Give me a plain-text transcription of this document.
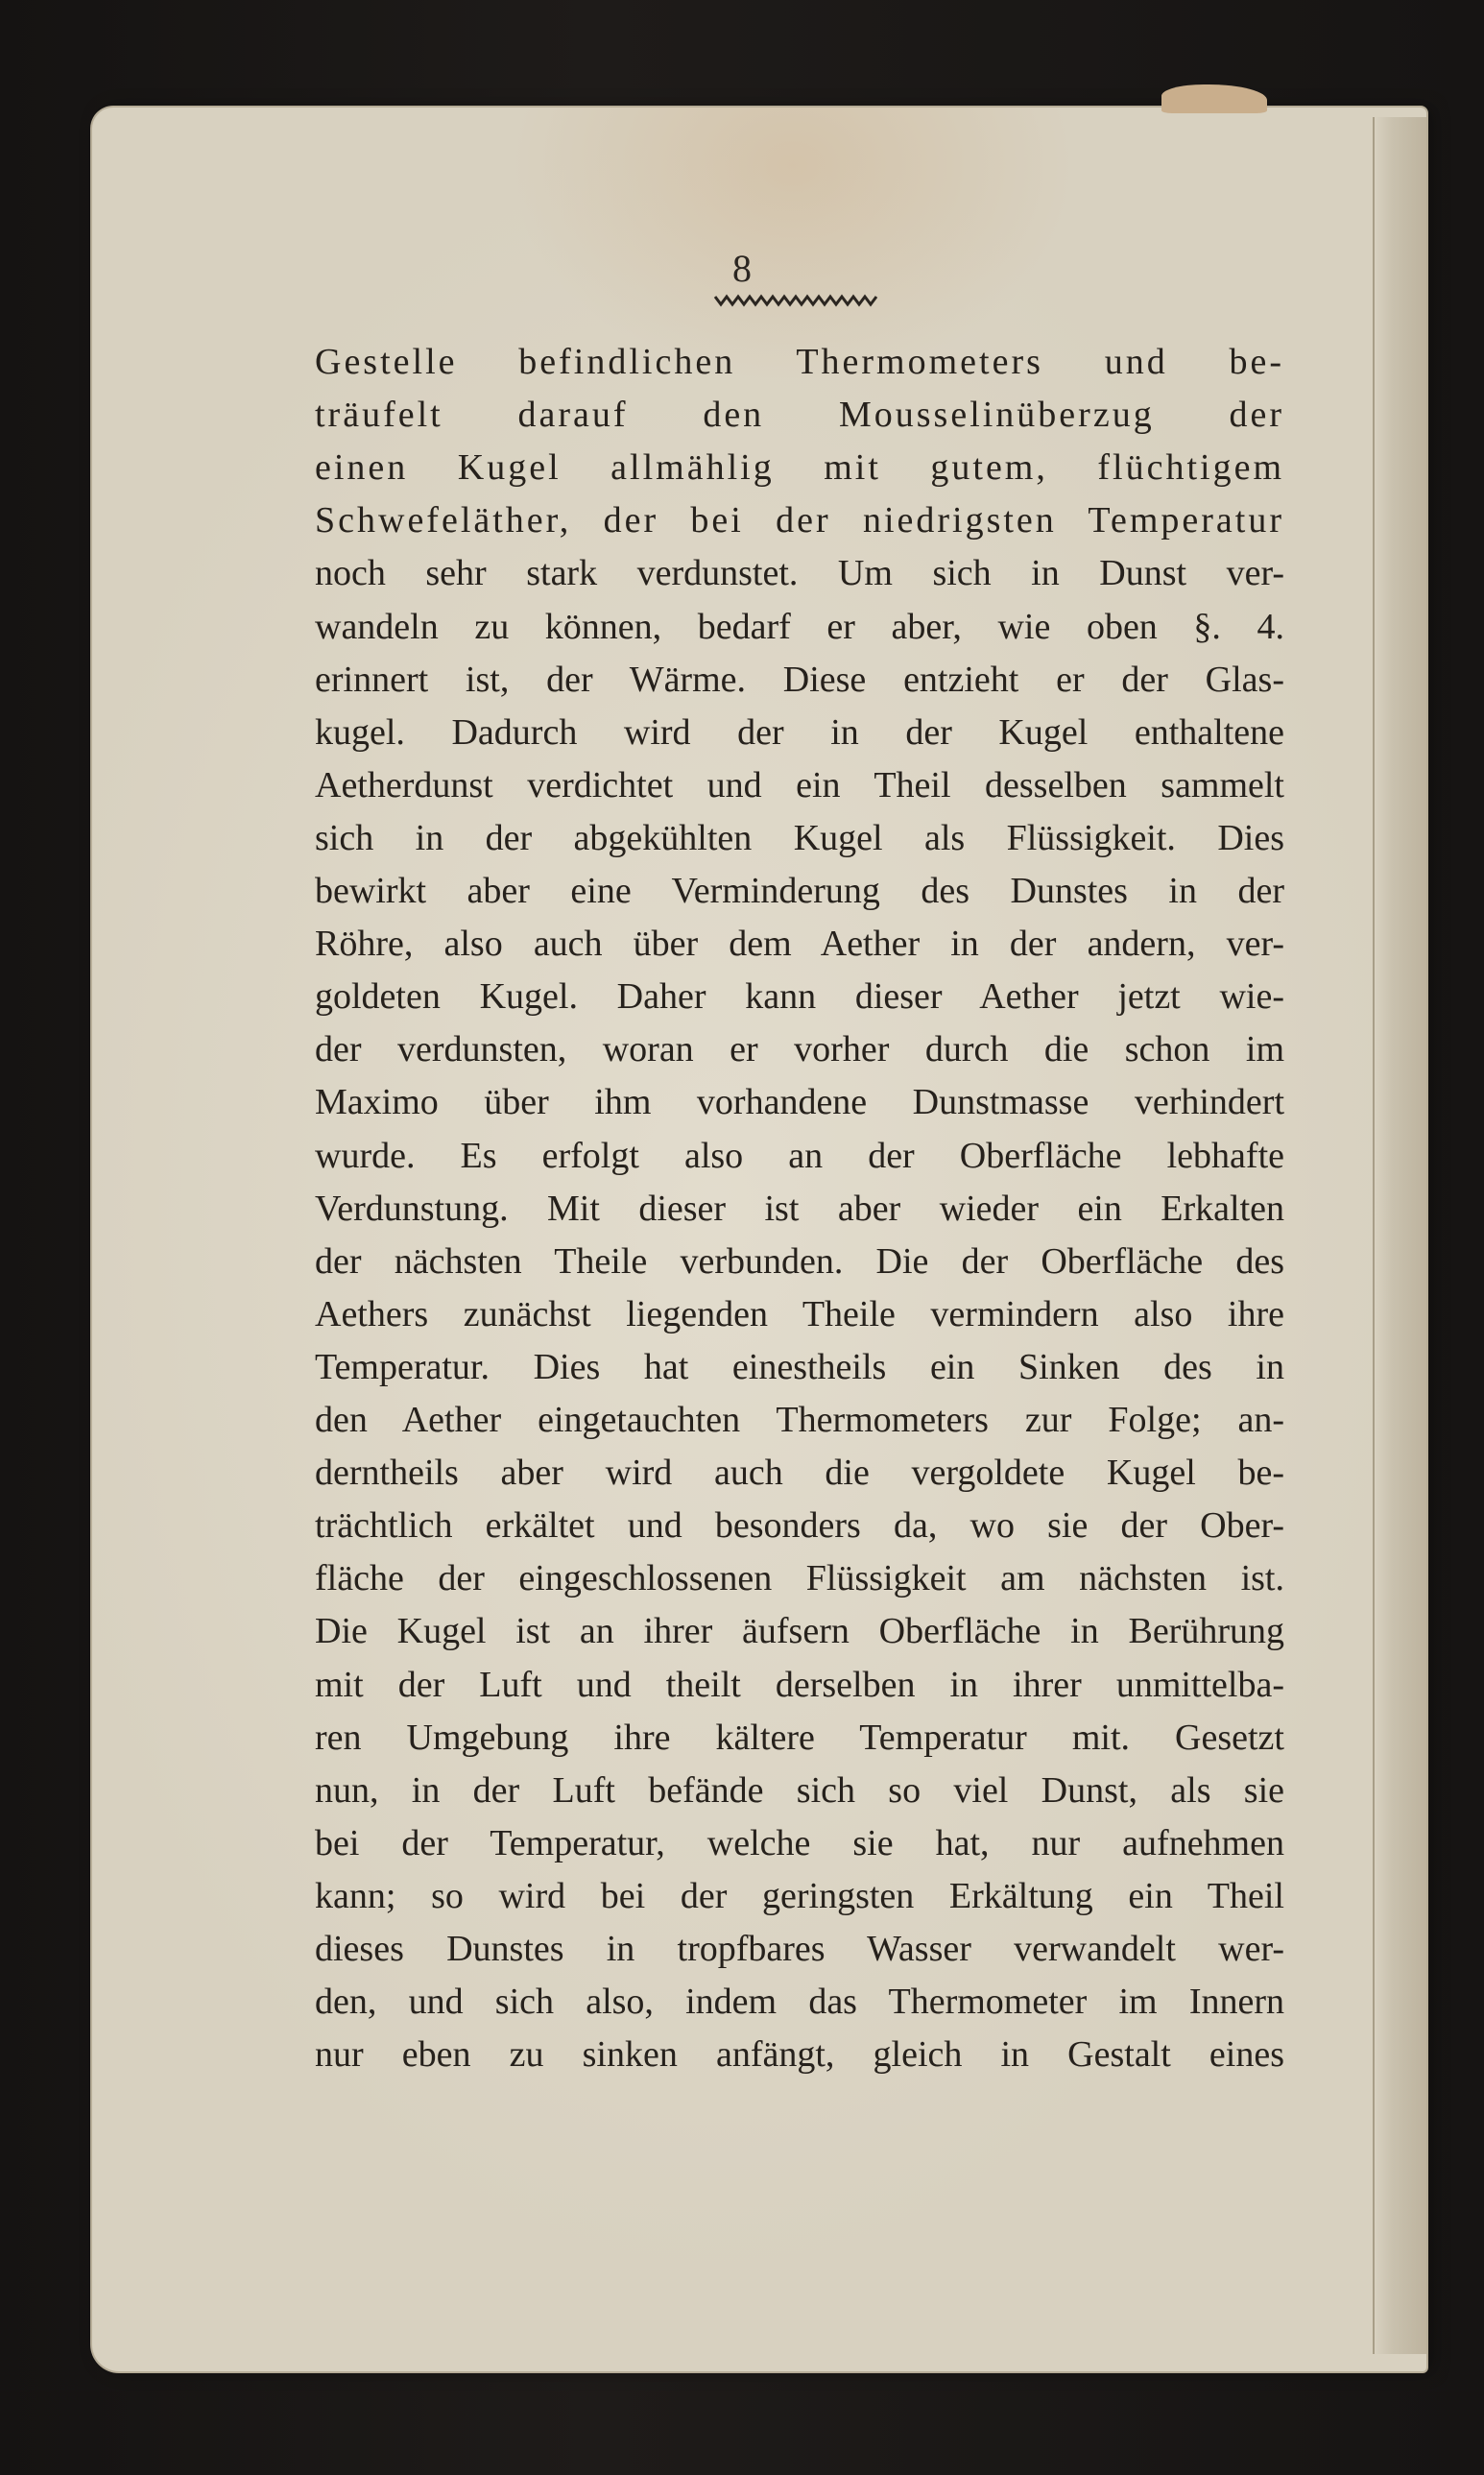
8
Gestelle befindlichen Thermometers und be-
träufelt darauf den Mousselinüberzug der
einen Kugel allmählig mit gutem, flüchtigem
Schwefeläther, der bei der niedrigsten Temperatur
noch sehr stark verdunstet. Um sich in Dunst ver-
wandeln zu können, bedarf er aber, wie oben §. 4.
erinnert ist, der Wärme. Diese entzieht er der Glas-
kugel. Dadurch wird der in der Kugel enthaltene
Aetherdunst verdichtet und ein Theil desselben sammelt
sich in der abgekühlten Kugel als Flüssigkeit. Dies
bewirkt aber eine Verminderung des Dunstes in der
Röhre, also auch über dem Aether in der andern, ver-
goldeten Kugel. Daher kann dieser Aether jetzt wie-
der verdunsten, woran er vorher durch die schon im
Maximo über ihm vorhandene Dunstmasse verhindert
wurde. Es erfolgt also an der Oberfläche lebhafte
Verdunstung. Mit dieser ist aber wieder ein Erkalten
der nächsten Theile verbunden. Die der Oberfläche des
Aethers zunächst liegenden Theile vermindern also ihre
Temperatur. Dies hat einestheils ein Sinken des in
den Aether eingetauchten Thermometers zur Folge; an-
derntheils aber wird auch die vergoldete Kugel be-
trächtlich erkältet und besonders da, wo sie der Ober-
fläche der eingeschlossenen Flüssigkeit am nächsten ist.
Die Kugel ist an ihrer äufsern Oberfläche in Berührung
mit der Luft und theilt derselben in ihrer unmittelba-
ren Umgebung ihre kältere Temperatur mit. Gesetzt
nun, in der Luft befände sich so viel Dunst, als sie
bei der Temperatur, welche sie hat, nur aufnehmen
kann; so wird bei der geringsten Erkältung ein Theil
dieses Dunstes in tropfbares Wasser verwandelt wer-
den, und sich also, indem das Thermometer im Innern
nur eben zu sinken anfängt, gleich in Gestalt eines
